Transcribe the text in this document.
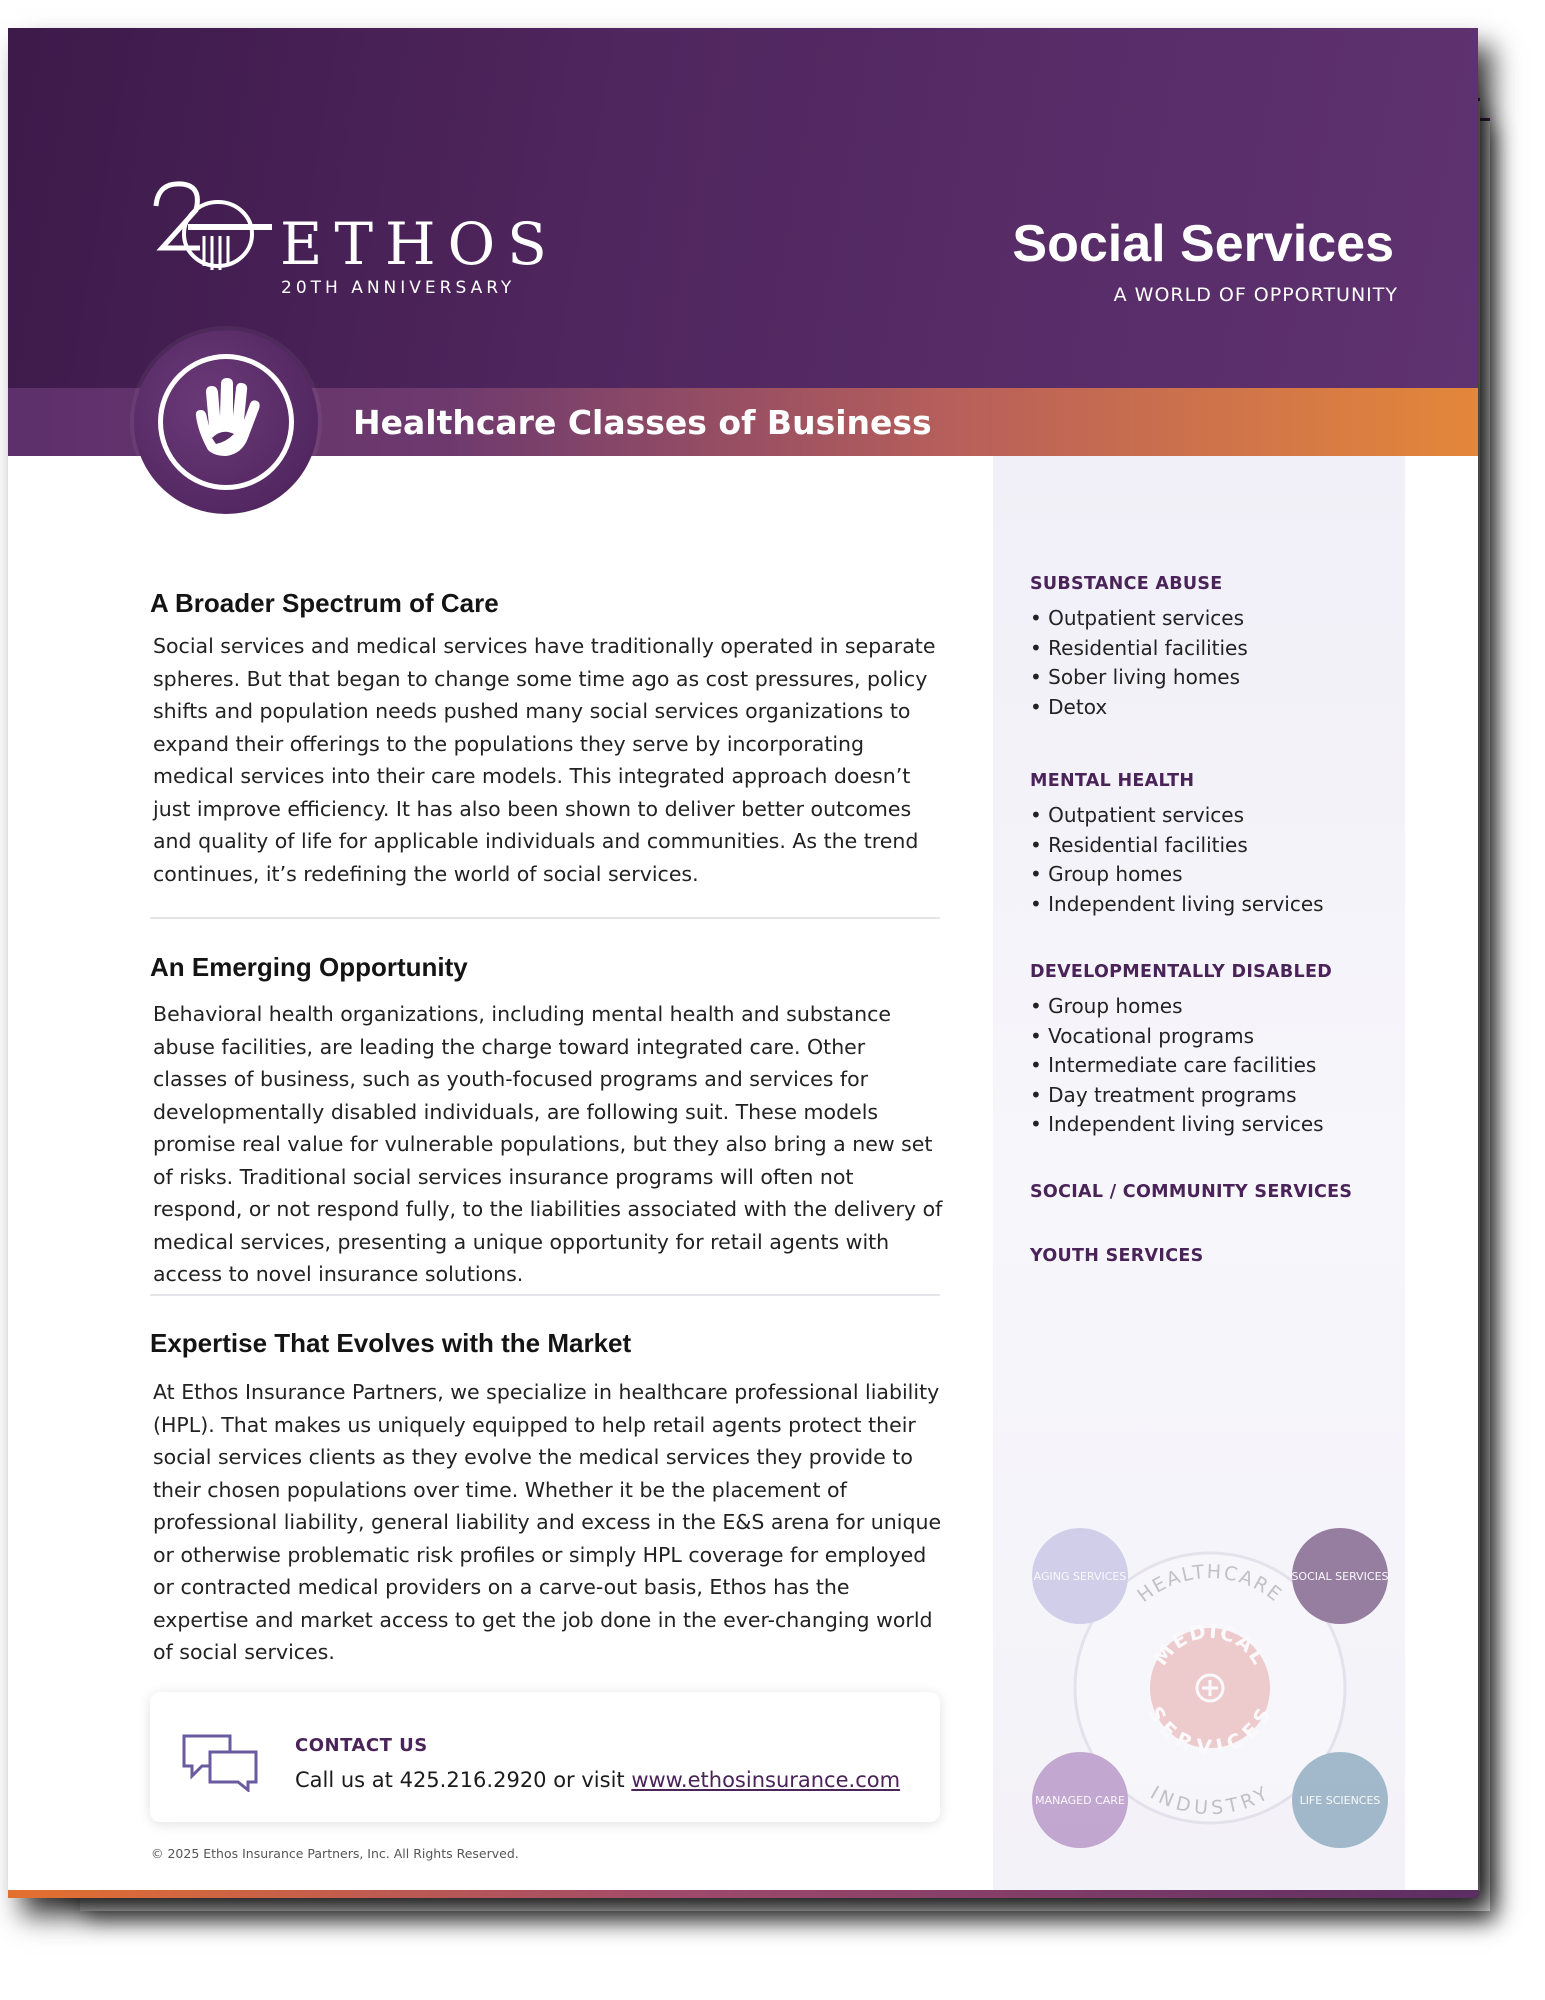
Healthcare Classes of Business
ETHOS
20TH ANNIVERSARY
Social Services
A WORLD OF OPPORTUNITY
A Broader Spectrum of Care

Social services and medical services have traditionally operated in separate spheres. But that began to change some time ago as cost pressures, policy shifts and population needs pushed many social services organizations to expand their offerings to the populations they serve by incorporating medical services into their care models. This integrated approach doesn’t just improve efficiency. It has also been shown to deliver better outcomes and quality of life for applicable individuals and communities. As the trend continues, it’s redefining the world of social services.

An Emerging Opportunity

Behavioral health organizations, including mental health and substance abuse facilities, are leading the charge toward integrated care. Other classes of business, such as youth-focused programs and services for developmentally disabled individuals, are following suit. These models promise real value for vulnerable populations, but they also bring a new set of risks. Traditional social services insurance programs will often not respond, or not respond fully, to the liabilities associated with the delivery of medical services, presenting a unique opportunity for retail agents with access to novel insurance solutions.

Expertise That Evolves with the Market

At Ethos Insurance Partners, we specialize in healthcare professional liability (HPL). That makes us uniquely equipped to help retail agents protect their social services clients as they evolve the medical services they provide to their chosen populations over time. Whether it be the placement of professional liability, general liability and excess in the E&S arena for unique or otherwise problematic risk profiles or simply HPL coverage for employed or contracted medical providers on a carve-out basis, Ethos has the expertise and market access to get the job done in the ever-changing world of social services.

SUBSTANCE ABUSE
• Outpatient services
• Residential facilities
• Sober living homes
• Detox
MENTAL HEALTH
• Outpatient services
• Residential facilities
• Group homes
• Independent living services
DEVELOPMENTALLY DISABLED
• Group homes
• Vocational programs
• Intermediate care facilities
• Day treatment programs
• Independent living services
SOCIAL / COMMUNITY SERVICES
YOUTH SERVICES
MEDICAL
SERVICES
HEALTHCARE
INDUSTRY
AGING SERVICES	SOCIAL SERVICES
MANAGED CARE	LIFE SCIENCES
CONTACT US
Call us at 425.216.2920 or visit www.ethosinsurance.com
© 2025 Ethos Insurance Partners, Inc. All Rights Reserved.
